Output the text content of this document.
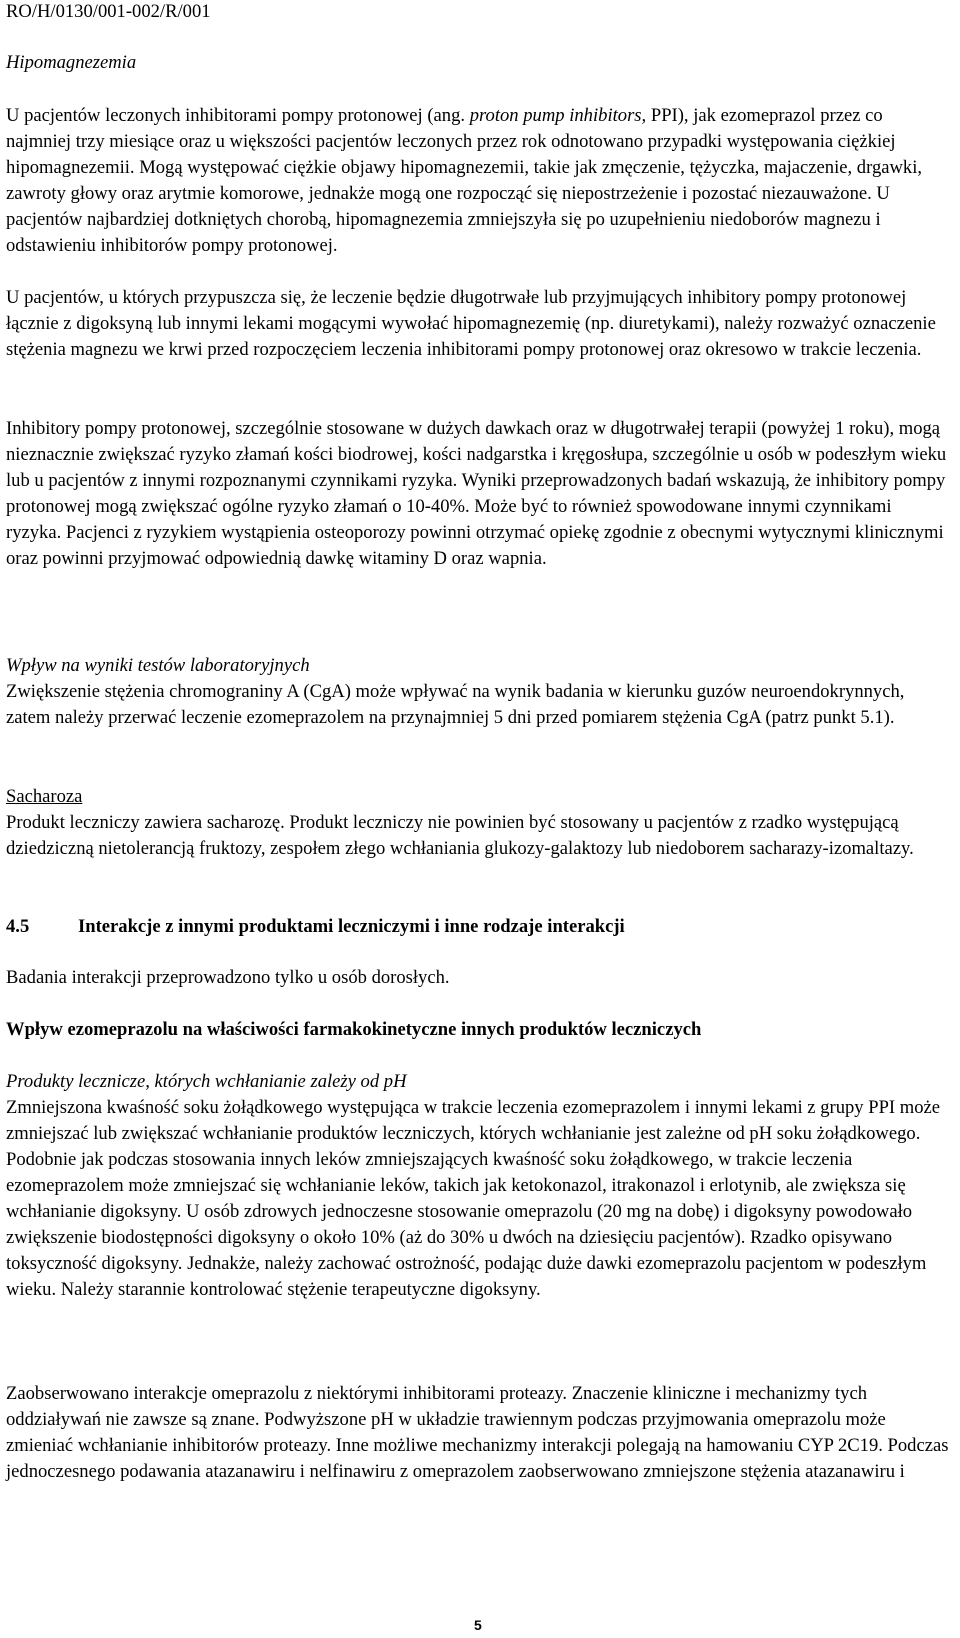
RO/H/0130/001-002/R/001
Hipomagnezemia

U pacjentów leczonych inhibitorami pompy protonowej (ang. proton pump inhibitors, PPI), jak ezomeprazol przez co najmniej trzy miesiące oraz u większości pacjentów leczonych przez rok odnotowano przypadki występowania ciężkiej hipomagnezemii. Mogą występować ciężkie objawy hipomagnezemii, takie jak zmęczenie, tężyczka, majaczenie, drgawki, zawroty głowy oraz arytmie komorowe, jednakże mogą one rozpocząć się niepostrzeżenie i pozostać niezauważone. U pacjentów najbardziej dotkniętych chorobą, hipomagnezemia zmniejszyła się po uzupełnieniu niedoborów magnezu i odstawieniu inhibitorów pompy protonowej.

U pacjentów, u których przypuszcza się, że leczenie będzie długotrwałe lub przyjmujących inhibitory pompy protonowej łącznie z digoksyną lub innymi lekami mogącymi wywołać hipomagnezemię (np. diuretykami), należy rozważyć oznaczenie stężenia magnezu we krwi przed rozpoczęciem leczenia inhibitorami pompy protonowej oraz okresowo w trakcie leczenia.

Inhibitory pompy protonowej, szczególnie stosowane w dużych dawkach oraz w długotrwałej terapii (powyżej 1 roku), mogą nieznacznie zwiększać ryzyko złamań kości biodrowej, kości nadgarstka i kręgosłupa, szczególnie u osób w podeszłym wieku lub u pacjentów z innymi rozpoznanymi czynnikami ryzyka. Wyniki przeprowadzonych badań wskazują, że inhibitory pompy protonowej mogą zwiększać ogólne ryzyko złamań o 10-40%. Może być to również spowodowane innymi czynnikami ryzyka. Pacjenci z ryzykiem wystąpienia osteoporozy powinni otrzymać opiekę zgodnie z obecnymi wytycznymi klinicznymi oraz powinni przyjmować odpowiednią dawkę witaminy D oraz wapnia.

Wpływ na wyniki testów laboratoryjnych

Zwiększenie stężenia chromograniny A (CgA) może wpływać na wynik badania w kierunku guzów neuroendokrynnych, zatem należy przerwać leczenie ezomeprazolem na przynajmniej 5 dni przed pomiarem stężenia CgA (patrz punkt 5.1).

Sacharoza

Produkt leczniczy zawiera sacharozę. Produkt leczniczy nie powinien być stosowany u pacjentów z rzadko występującą dziedziczną nietolerancją fruktozy, zespołem złego wchłaniania glukozy-galaktozy lub niedoborem sacharazy-izomaltazy.

4.5	Interakcje z innymi produktami leczniczymi i inne rodzaje interakcji

Badania interakcji przeprowadzono tylko u osób dorosłych.

Wpływ ezomeprazolu na właściwości farmakokinetyczne innych produktów leczniczych
Produkty lecznicze, których wchłanianie zależy od pH

Zmniejszona kwaśność soku żołądkowego występująca w trakcie leczenia ezomeprazolem i innymi lekami z grupy PPI może zmniejszać lub zwiększać wchłanianie produktów leczniczych, których wchłanianie jest zależne od pH soku żołądkowego. Podobnie jak podczas stosowania innych leków zmniejszających kwaśność soku żołądkowego, w trakcie leczenia ezomeprazolem może zmniejszać się wchłanianie leków, takich jak ketokonazol, itrakonazol i erlotynib, ale zwiększa się wchłanianie digoksyny. U osób zdrowych jednoczesne stosowanie omeprazolu (20 mg na dobę) i digoksyny powodowało zwiększenie biodostępności digoksyny o około 10% (aż do 30% u dwóch na dziesięciu pacjentów). Rzadko opisywano toksyczność digoksyny. Jednakże, należy zachować ostrożność, podając duże dawki ezomeprazolu pacjentom w podeszłym wieku. Należy starannie kontrolować stężenie terapeutyczne digoksyny.

Zaobserwowano interakcje omeprazolu z niektórymi inhibitorami proteazy. Znaczenie kliniczne i mechanizmy tych oddziaływań nie zawsze są znane. Podwyższone pH w układzie trawiennym podczas przyjmowania omeprazolu może zmieniać wchłanianie inhibitorów proteazy. Inne możliwe mechanizmy interakcji polegają na hamowaniu CYP 2C19. Podczas jednoczesnego podawania atazanawiru i nelfinawiru z omeprazolem zaobserwowano zmniejszone stężenia atazanawiru i

5
